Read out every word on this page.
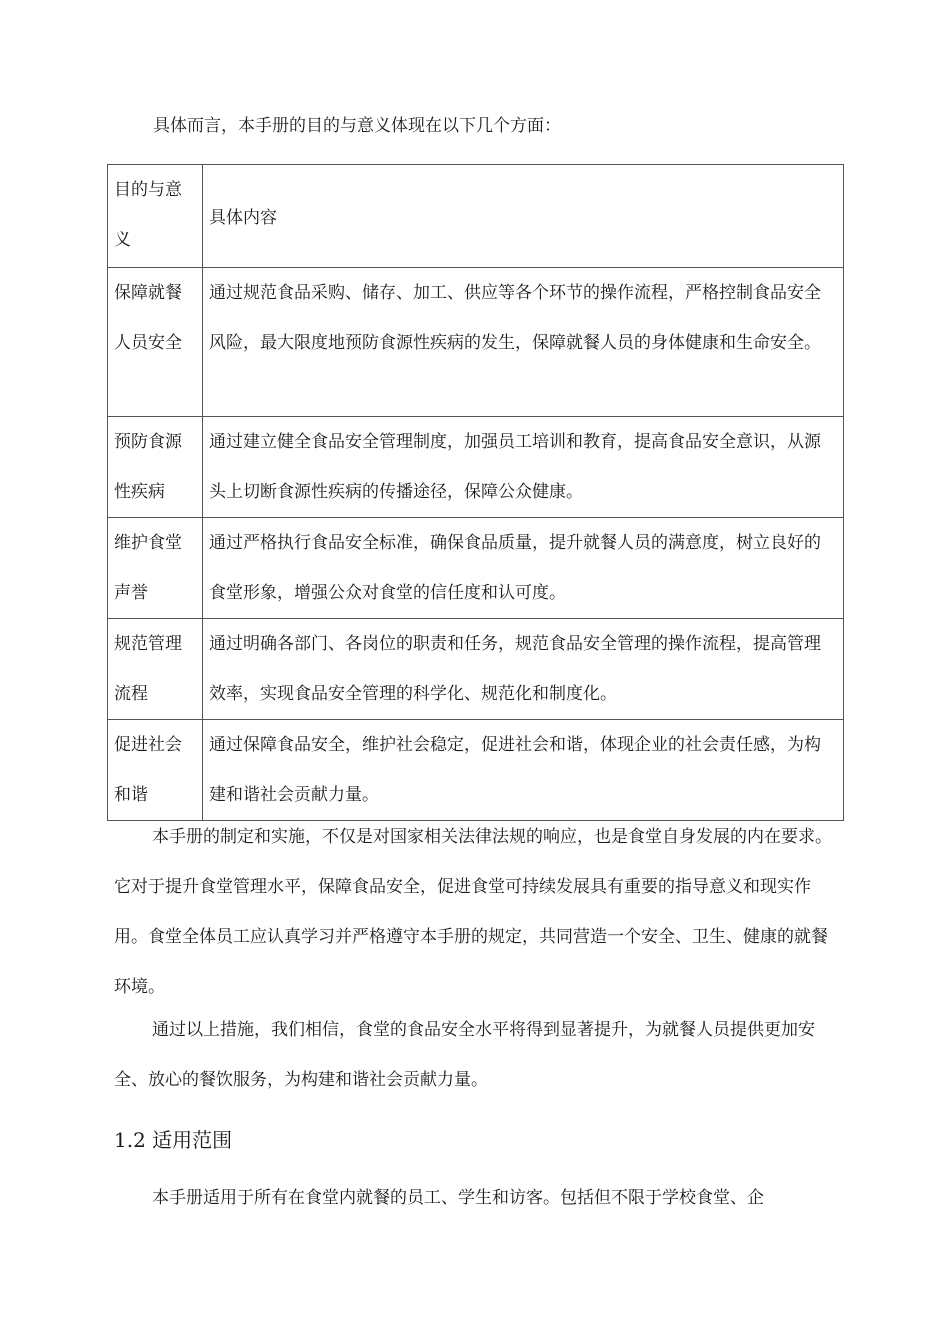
具体而言，本手册的目的与意义体现在以下几个方面：

目的与意义	具体内容
保障就餐人员安全	通过规范食品采购、储存、加工、供应等各个环节的操作流程，严格控制食品安全风险，最大限度地预防食源性疾病的发生，保障就餐人员的身体健康和生命安全。
预防食源性疾病	通过建立健全食品安全管理制度，加强员工培训和教育，提高食品安全意识，从源头上切断食源性疾病的传播途径，保障公众健康。
维护食堂声誉	通过严格执行食品安全标准，确保食品质量，提升就餐人员的满意度，树立良好的食堂形象，增强公众对食堂的信任度和认可度。
规范管理流程	通过明确各部门、各岗位的职责和任务，规范食品安全管理的操作流程，提高管理效率，实现食品安全管理的科学化、规范化和制度化。
促进社会和谐	通过保障食品安全，维护社会稳定，促进社会和谐，体现企业的社会责任感，为构建和谐社会贡献力量。

本手册的制定和实施，不仅是对国家相关法律法规的响应，也是食堂自身发展的内在要求。它对于提升食堂管理水平，保障食品安全，促进食堂可持续发展具有重要的指导意义和现实作用。食堂全体员工应认真学习并严格遵守本手册的规定，共同营造一个安全、卫生、健康的就餐环境。

通过以上措施，我们相信，食堂的食品安全水平将得到显著提升，为就餐人员提供更加安全、放心的餐饮服务，为构建和谐社会贡献力量。

1.2 适用范围

本手册适用于所有在食堂内就餐的员工、学生和访客。包括但不限于学校食堂、企
